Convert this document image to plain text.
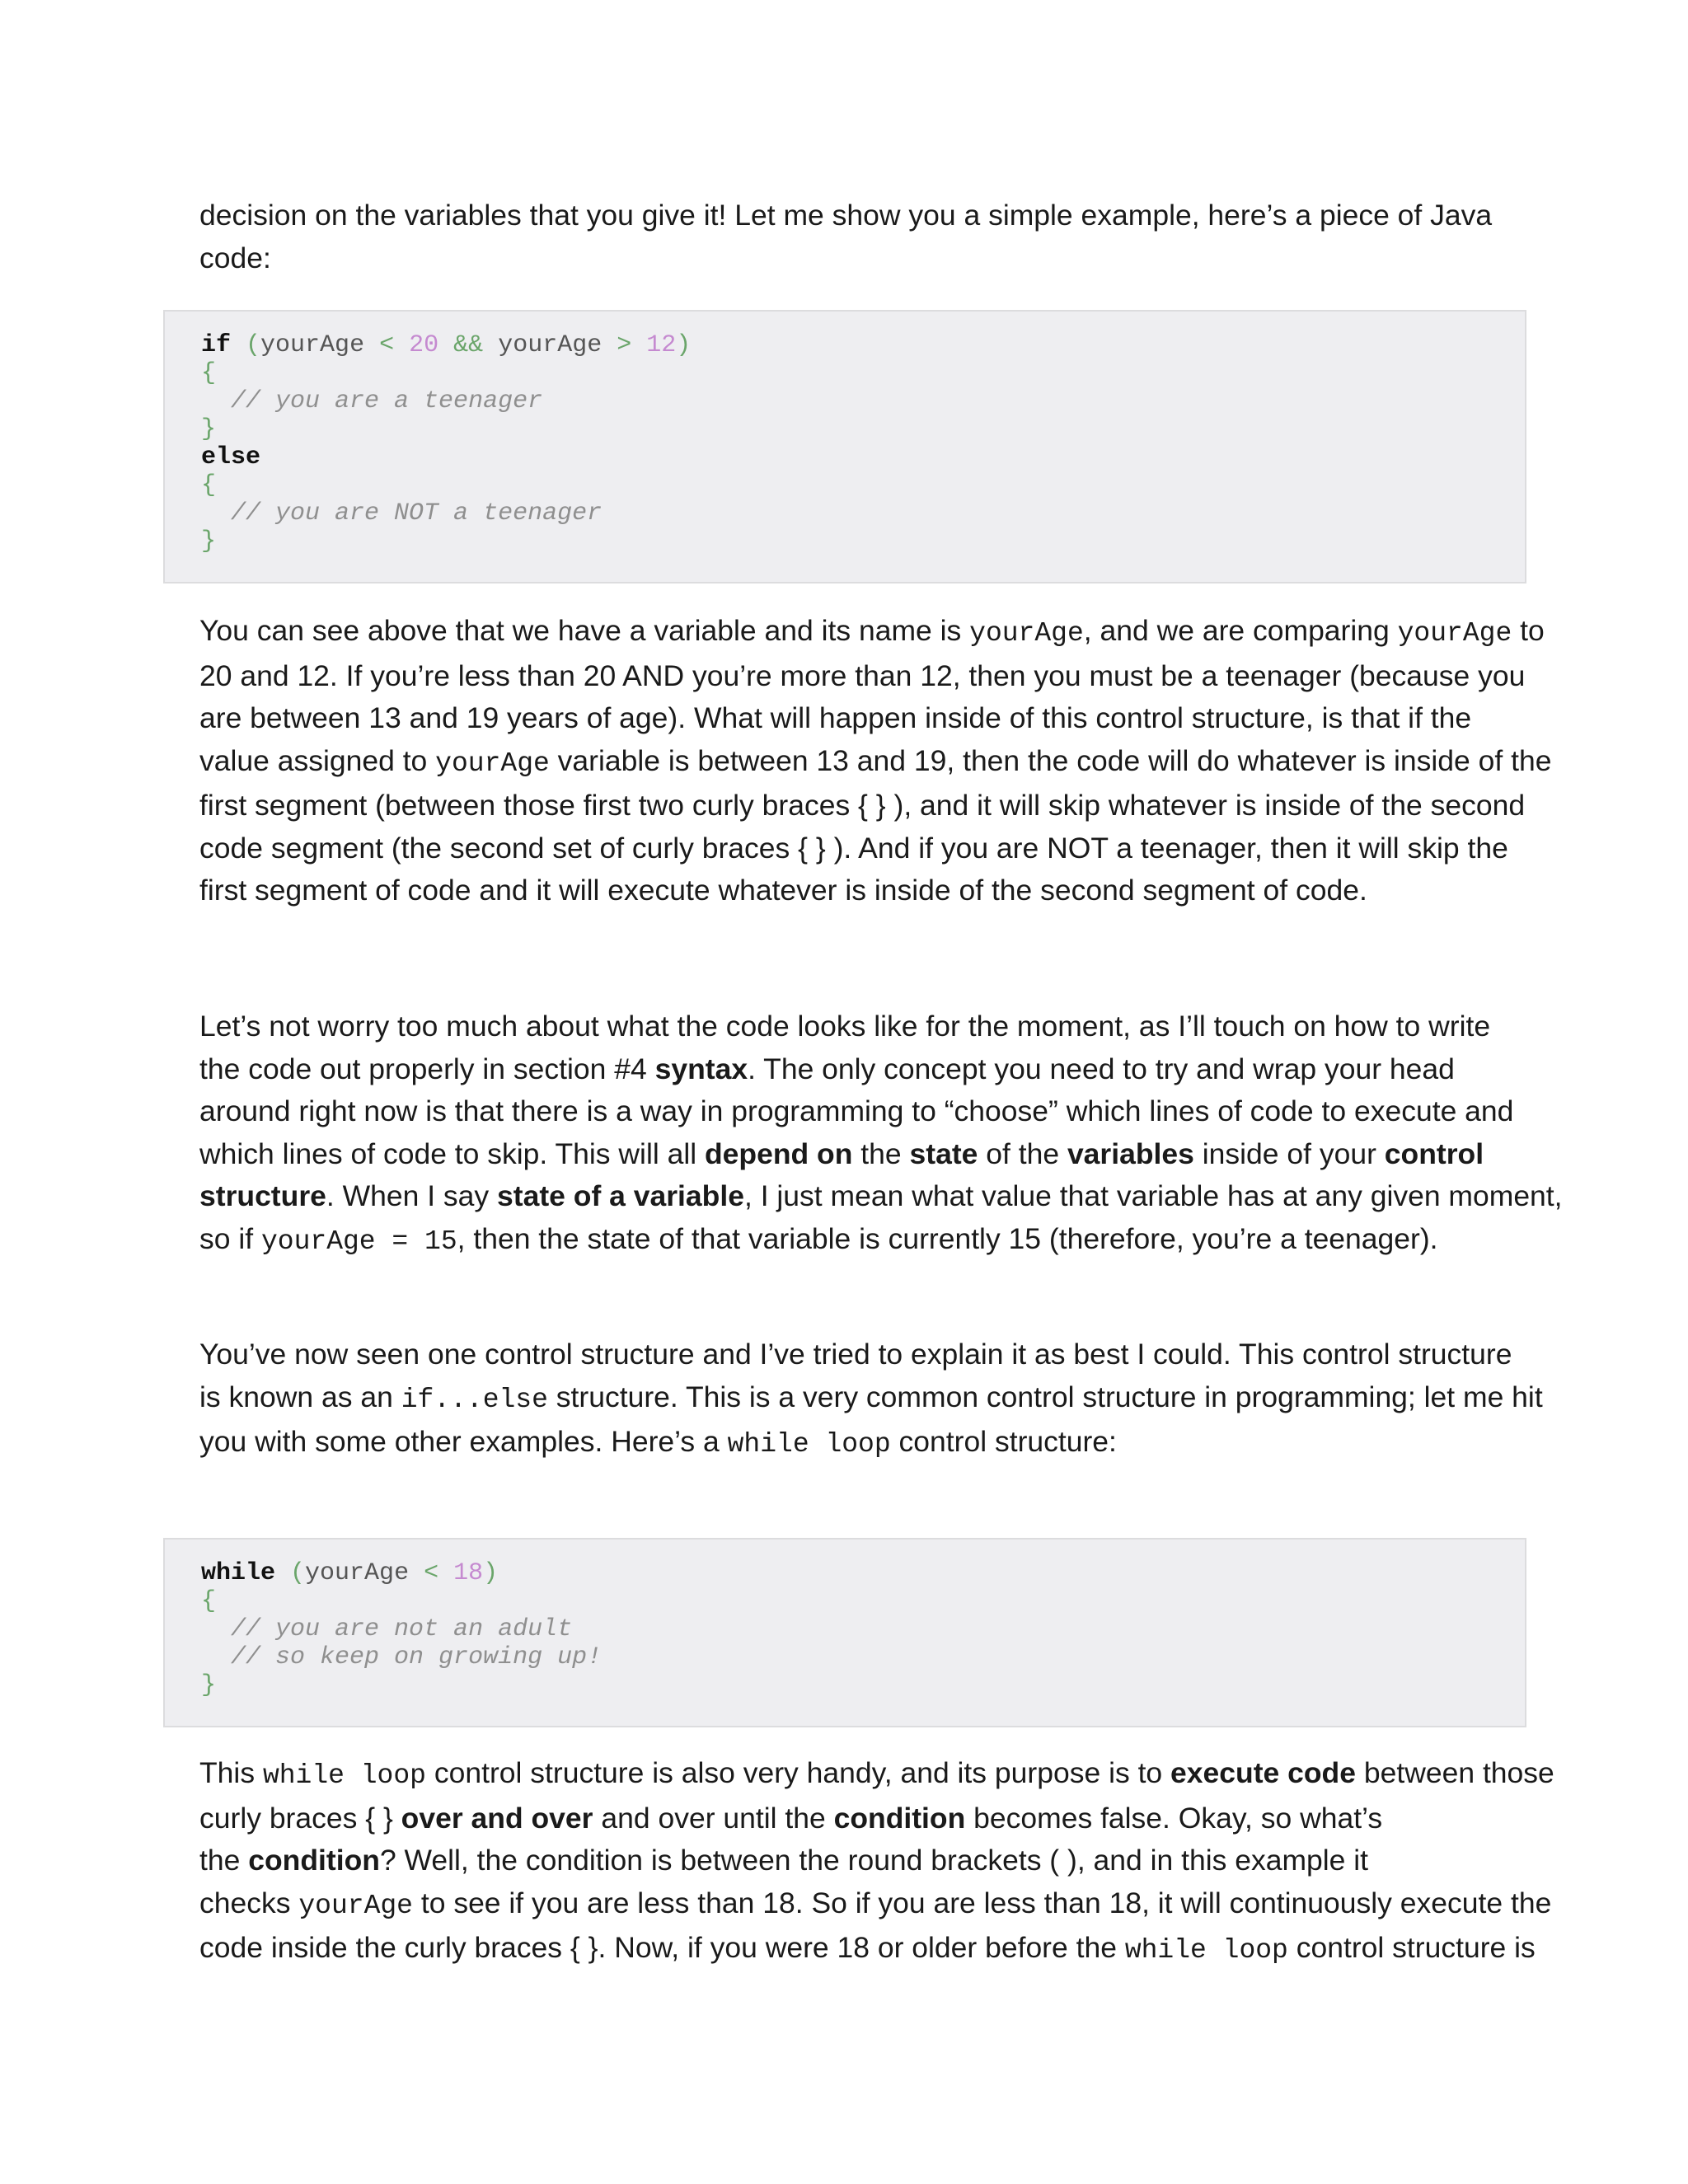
decision on the variables that you give it! Let me show you a simple example, here’s a piece of Java
code:

if (yourAge < 20 && yourAge > 12)
{
// you are a teenager
}
else
{
// you are NOT a teenager
}

You can see above that we have a variable and its name is yourAge, and we are comparing yourAge to
20 and 12. If you’re less than 20 AND you’re more than 12, then you must be a teenager (because you
are between 13 and 19 years of age). What will happen inside of this control structure, is that if the
value assigned to yourAge variable is between 13 and 19, then the code will do whatever is inside of the
first segment (between those first two curly braces { } ), and it will skip whatever is inside of the second
code segment (the second set of curly braces { } ). And if you are NOT a teenager, then it will skip the
first segment of code and it will execute whatever is inside of the second segment of code.

Let’s not worry too much about what the code looks like for the moment, as I’ll touch on how to write
the code out properly in section #4 syntax. The only concept you need to try and wrap your head
around right now is that there is a way in programming to “choose” which lines of code to execute and
which lines of code to skip. This will all depend on the state of the variables inside of your control
structure. When I say state of a variable, I just mean what value that variable has at any given moment,
so if yourAge = 15, then the state of that variable is currently 15 (therefore, you’re a teenager).

You’ve now seen one control structure and I’ve tried to explain it as best I could. This control structure
is known as an if...else structure. This is a very common control structure in programming; let me hit
you with some other examples. Here’s a while loop control structure:

while (yourAge < 18)
{
// you are not an adult
// so keep on growing up!
}

This while loop control structure is also very handy, and its purpose is to execute code between those
curly braces { } over and over and over until the condition becomes false. Okay, so what’s
the condition? Well, the condition is between the round brackets ( ), and in this example it
checks yourAge to see if you are less than 18. So if you are less than 18, it will continuously execute the
code inside the curly braces { }. Now, if you were 18 or older before the while loop control structure is
